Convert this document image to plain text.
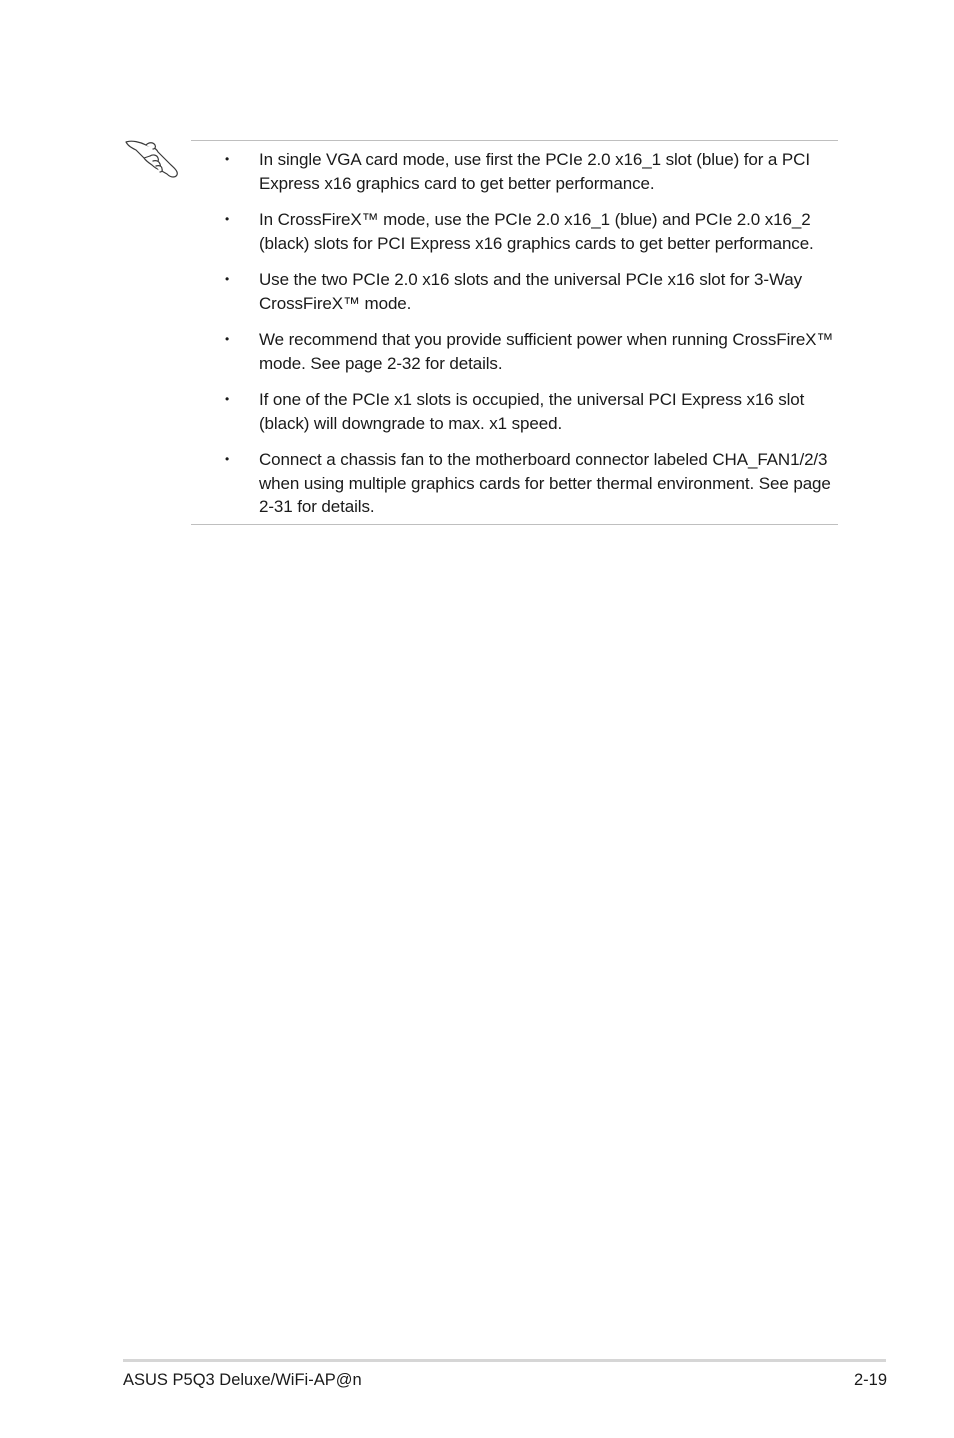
• In single VGA card mode, use first the PCIe 2.0 x16_1 slot (blue) for a PCI Express x16 graphics card to get better performance.
• In CrossFireX™ mode, use the PCIe 2.0 x16_1 (blue) and PCIe 2.0 x16_2 (black) slots for PCI Express x16 graphics cards to get better performance.
• Use the two PCIe 2.0 x16 slots and the universal PCIe x16 slot for 3-Way CrossFireX™ mode.
• We recommend that you provide sufficient power when running CrossFireX™ mode. See page 2-32 for details.
• If one of the PCIe x1 slots is occupied, the universal PCI Express x16 slot (black) will downgrade to max. x1 speed.
• Connect a chassis fan to the motherboard connector labeled CHA_FAN1/2/3 when using multiple graphics cards for better thermal environment. See page 2-31 for details.
ASUS P5Q3 Deluxe/WiFi-AP@n	2-19
